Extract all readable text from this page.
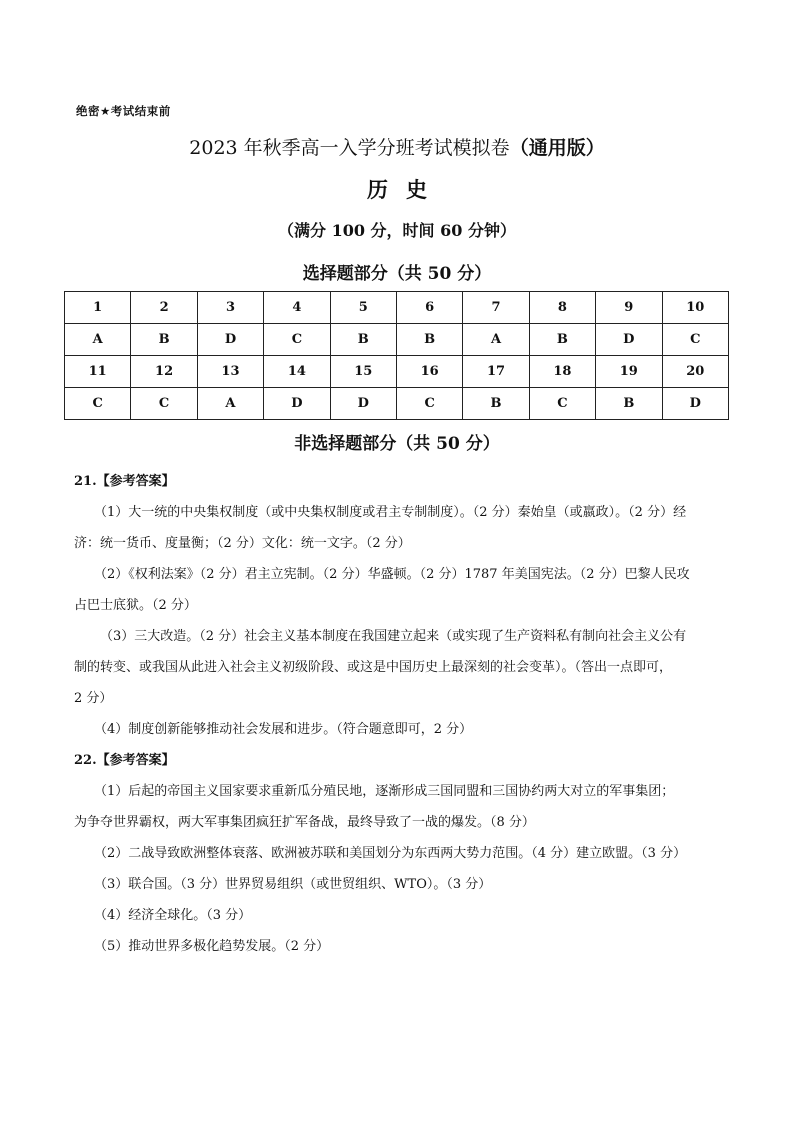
绝密★考试结束前
2023 年秋季高一入学分班考试模拟卷（通用版）
历史
（满分 100 分，时间 60 分钟）
选择题部分（共 50 分）
1	2	3	4	5	6	7	8	9	10
A	B	D	C	B	B	A	B	D	C
11	12	13	14	15	16	17	18	19	20
C	C	A	D	D	C	B	C	B	D
非选择题部分（共 50 分）
21.【参考答案】
（1）大一统的中央集权制度（或中央集权制度或君主专制制度）。（2 分）秦始皇（或嬴政）。（2 分）经
济：统一货币、度量衡；（2 分）文化：统一文字。（2 分）
（2）《权利法案》（2 分）君主立宪制。（2 分）华盛顿。（2 分）1787 年美国宪法。（2 分）巴黎人民攻
占巴士底狱。（2 分）
（3）三大改造。（2 分）社会主义基本制度在我国建立起来（或实现了生产资料私有制向社会主义公有
制的转变、或我国从此进入社会主义初级阶段、或这是中国历史上最深刻的社会变革）。（答出一点即可，
2 分）
（4）制度创新能够推动社会发展和进步。（符合题意即可，2 分）
22.【参考答案】
（1）后起的帝国主义国家要求重新瓜分殖民地，逐渐形成三国同盟和三国协约两大对立的军事集团；
为争夺世界霸权，两大军事集团疯狂扩军备战，最终导致了一战的爆发。（8 分）
（2）二战导致欧洲整体衰落、欧洲被苏联和美国划分为东西两大势力范围。（4 分）建立欧盟。（3 分）
（3）联合国。（3 分）世界贸易组织（或世贸组织、WTO）。（3 分）
（4）经济全球化。（3 分）
（5）推动世界多极化趋势发展。（2 分）
